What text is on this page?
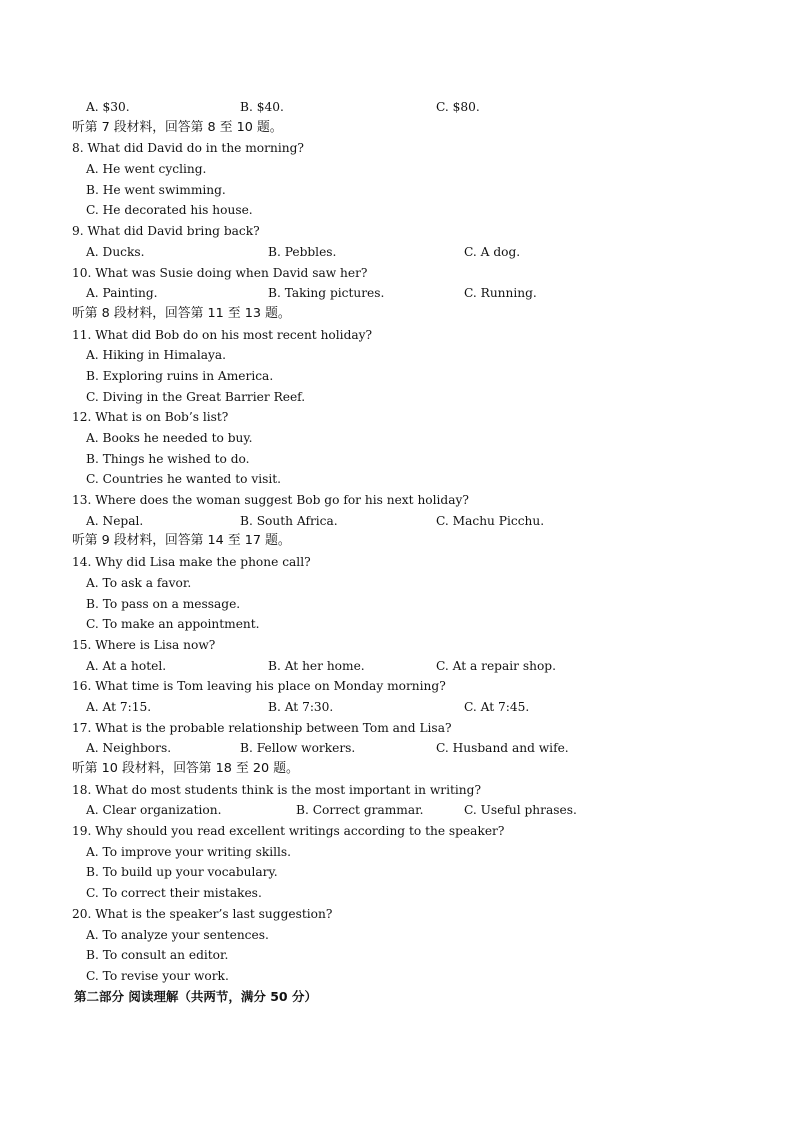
A. $30.	B. $40.	C. $80.
听第 7 段材料，回答第 8 至 10 题。
8. What did David do in the morning?
A. He went cycling.
B. He went swimming.
C. He decorated his house.
9. What did David bring back?
A. Ducks.	B. Pebbles.	C. A dog.
10. What was Susie doing when David saw her?
A. Painting.	B. Taking pictures.	C. Running.
听第 8 段材料，回答第 11 至 13 题。
11. What did Bob do on his most recent holiday?
A. Hiking in Himalaya.
B. Exploring ruins in America.
C. Diving in the Great Barrier Reef.
12. What is on Bob’s list?
A. Books he needed to buy.
B. Things he wished to do.
C. Countries he wanted to visit.
13. Where does the woman suggest Bob go for his next holiday?
A. Nepal.	B. South Africa.	C. Machu Picchu.
听第 9 段材料，回答第 14 至 17 题。
14. Why did Lisa make the phone call?
A. To ask a favor.
B. To pass on a message.
C. To make an appointment.
15. Where is Lisa now?
A. At a hotel.	B. At her home.	C. At a repair shop.
16. What time is Tom leaving his place on Monday morning?
A. At 7:15.	B. At 7:30.	C. At 7:45.
17. What is the probable relationship between Tom and Lisa?
A. Neighbors.	B. Fellow workers.	C. Husband and wife.
听第 10 段材料，回答第 18 至 20 题。
18. What do most students think is the most important in writing?
A. Clear organization.	B. Correct grammar.	C. Useful phrases.
19. Why should you read excellent writings according to the speaker?
A. To improve your writing skills.
B. To build up your vocabulary.
C. To correct their mistakes.
20. What is the speaker’s last suggestion?
A. To analyze your sentences.
B. To consult an editor.
C. To revise your work.
第二部分 阅读理解（共两节，满分 50 分）
